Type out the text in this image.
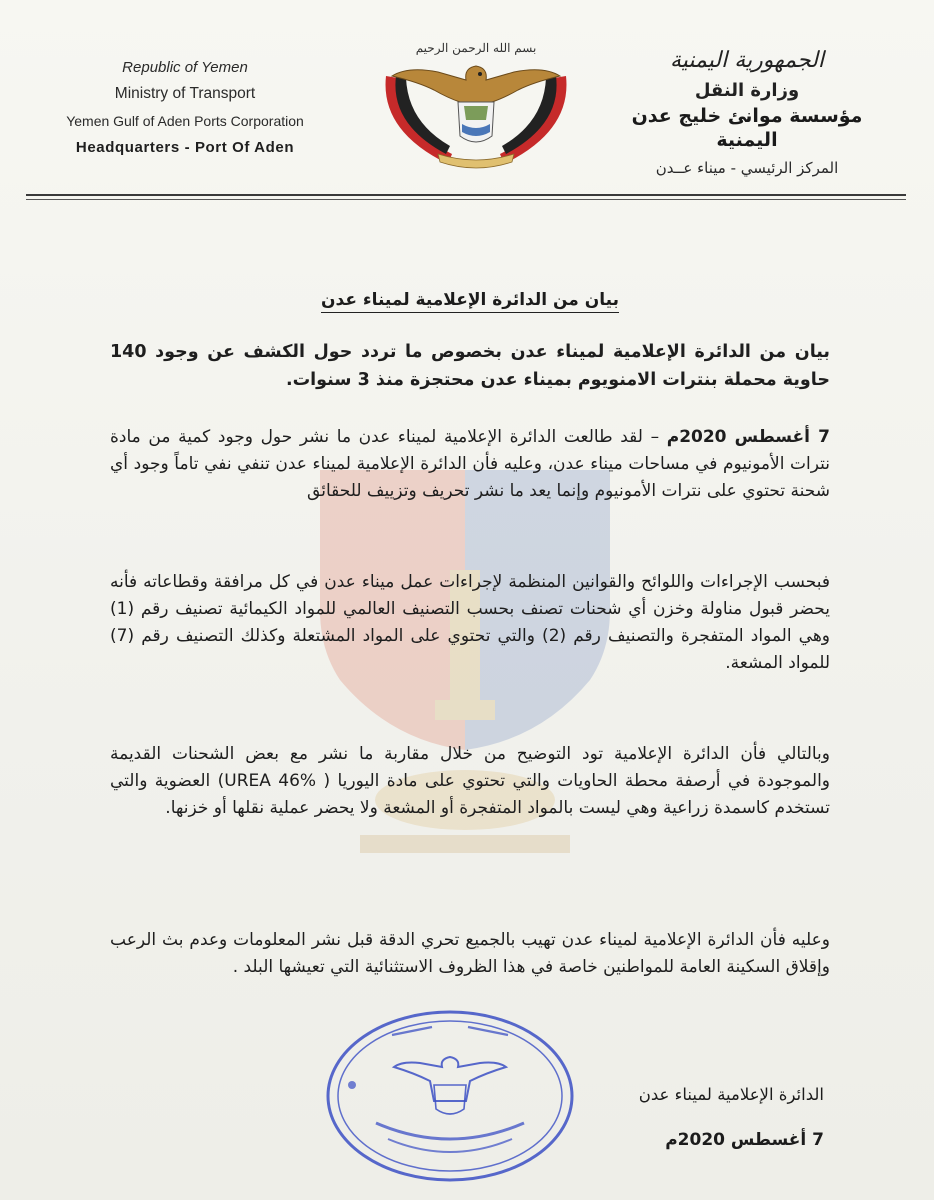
Republic of Yemen
Ministry of Transport
Yemen Gulf of Aden Ports Corporation
Headquarters - Port Of Aden
بسم الله الرحمن الرحيم	الجمهورية اليمنية
وزارة النقل
مؤسسة موانئ خليج عدن اليمنية
المركز الرئيسي - ميناء عــدن
بيان من الدائرة الإعلامية لميناء عدن
بيان من الدائرة الإعلامية لميناء عدن بخصوص ما تردد حول الكشف عن وجود 140 حاوية محملة بنترات الامنويوم بميناء عدن محتجزة منذ 3 سنوات.
7 أغسطس 2020م – لقد طالعت الدائرة الإعلامية لميناء عدن ما نشر حول وجود كمية من مادة نترات الأمونيوم في مساحات ميناء عدن، وعليه فأن الدائرة الإعلامية لميناء عدن تنفي نفي تاماً وجود أي شحنة تحتوي على نترات الأمونيوم وإنما يعد ما نشر تحريف وتزييف للحقائق
فبحسب الإجراءات واللوائح والقوانين المنظمة لإجراءات عمل ميناء عدن في كل مرافقة وقطاعاته فأنه يحضر قبول مناولة وخزن أي شحنات تصنف بحسب التصنيف العالمي للمواد الكيمائية تصنيف رقم (1) وهي المواد المتفجرة والتصنيف رقم (2) والتي تحتوي على المواد المشتعلة وكذلك التصنيف رقم (7) للمواد المشعة.
وبالتالي فأن الدائرة الإعلامية تود التوضيح من خلال مقاربة ما نشر مع بعض الشحنات القديمة والموجودة في أرصفة محطة الحاويات والتي تحتوي على مادة اليوريا ( UREA 46%) العضوية والتي تستخدم كاسمدة زراعية وهي ليست بالمواد المتفجرة أو المشعة ولا يحضر عملية نقلها أو خزنها.
وعليه فأن الدائرة الإعلامية لميناء عدن تهيب بالجميع تحري الدقة قبل نشر المعلومات وعدم بث الرعب وإقلاق السكينة العامة للمواطنين خاصة في هذا الظروف الاستثنائية التي تعيشها البلد .
الدائرة الإعلامية لميناء عدن
7 أغسطس 2020م
